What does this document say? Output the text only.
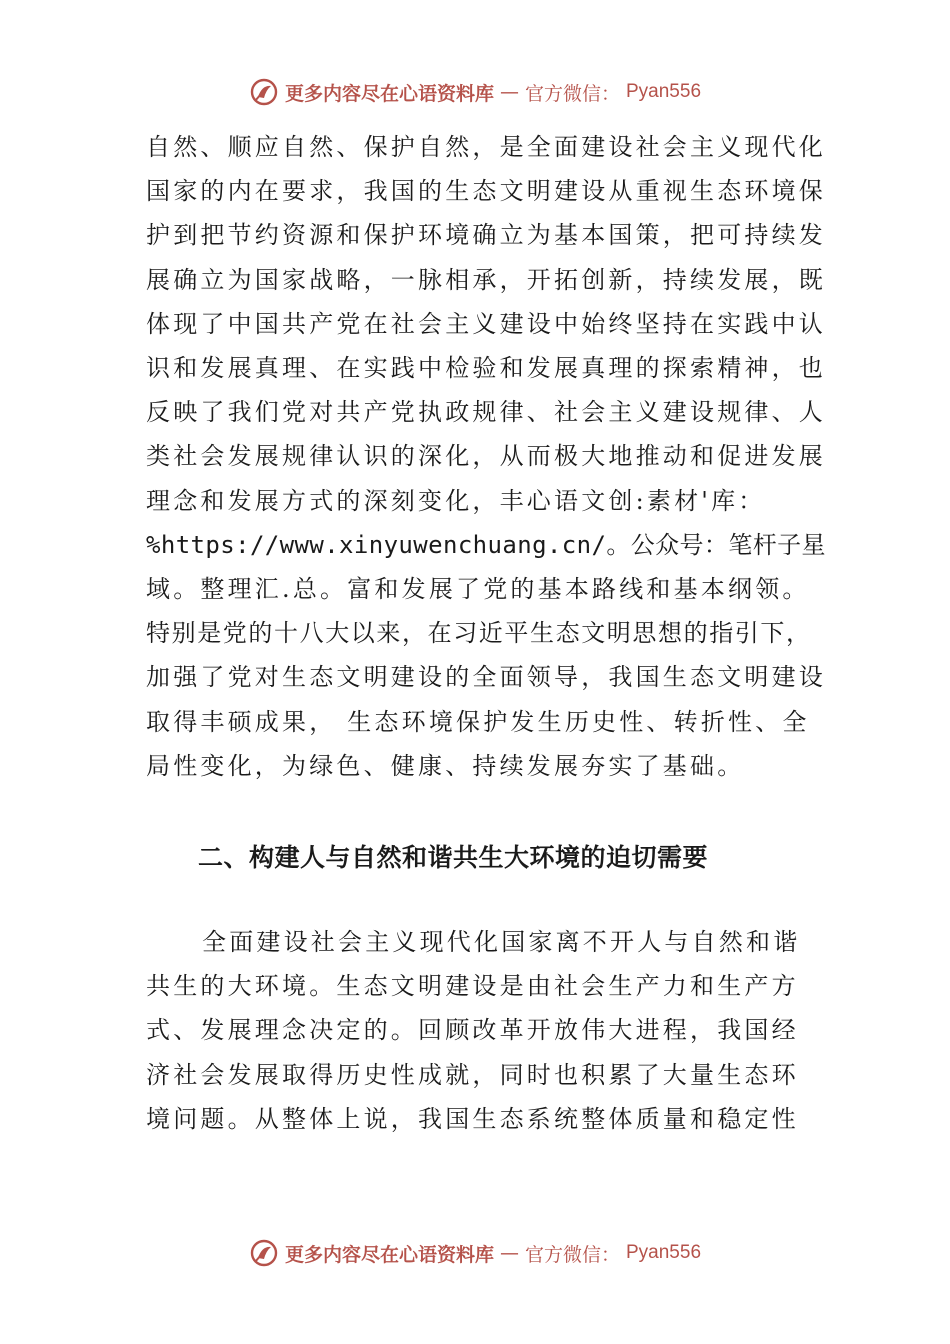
更多内容尽在心语资料库 — 官方微信： Pyan556
自然、顺应自然、保护自然，是全面建设社会主义现代化
国家的内在要求，我国的生态文明建设从重视生态环境保
护到把节约资源和保护环境确立为基本国策，把可持续发
展确立为国家战略，一脉相承，开拓创新，持续发展，既
体现了中国共产党在社会主义建设中始终坚持在实践中认
识和发展真理、在实践中检验和发展真理的探索精神，也
反映了我们党对共产党执政规律、社会主义建设规律、人
类社会发展规律认识的深化，从而极大地推动和促进发展
理念和发展方式的深刻变化，丰心语文创:素材'库：
%https://www.xinyuwenchuang.cn/。公众号：笔杆子星
域。整理汇.总。富和发展了党的基本路线和基本纲领。
特别是党的十八大以来，在习近平生态文明思想的指引下，
加强了党对生态文明建设的全面领导，我国生态文明建设
取得丰硕成果， 生态环境保护发生历史性、转折性、全
局性变化，为绿色、健康、持续发展夯实了基础。
二、构建人与自然和谐共生大环境的迫切需要
全面建设社会主义现代化国家离不开人与自然和谐
共生的大环境。生态文明建设是由社会生产力和生产方
式、发展理念决定的。回顾改革开放伟大进程，我国经
济社会发展取得历史性成就，同时也积累了大量生态环
境问题。从整体上说，我国生态系统整体质量和稳定性
更多内容尽在心语资料库 — 官方微信： Pyan556
